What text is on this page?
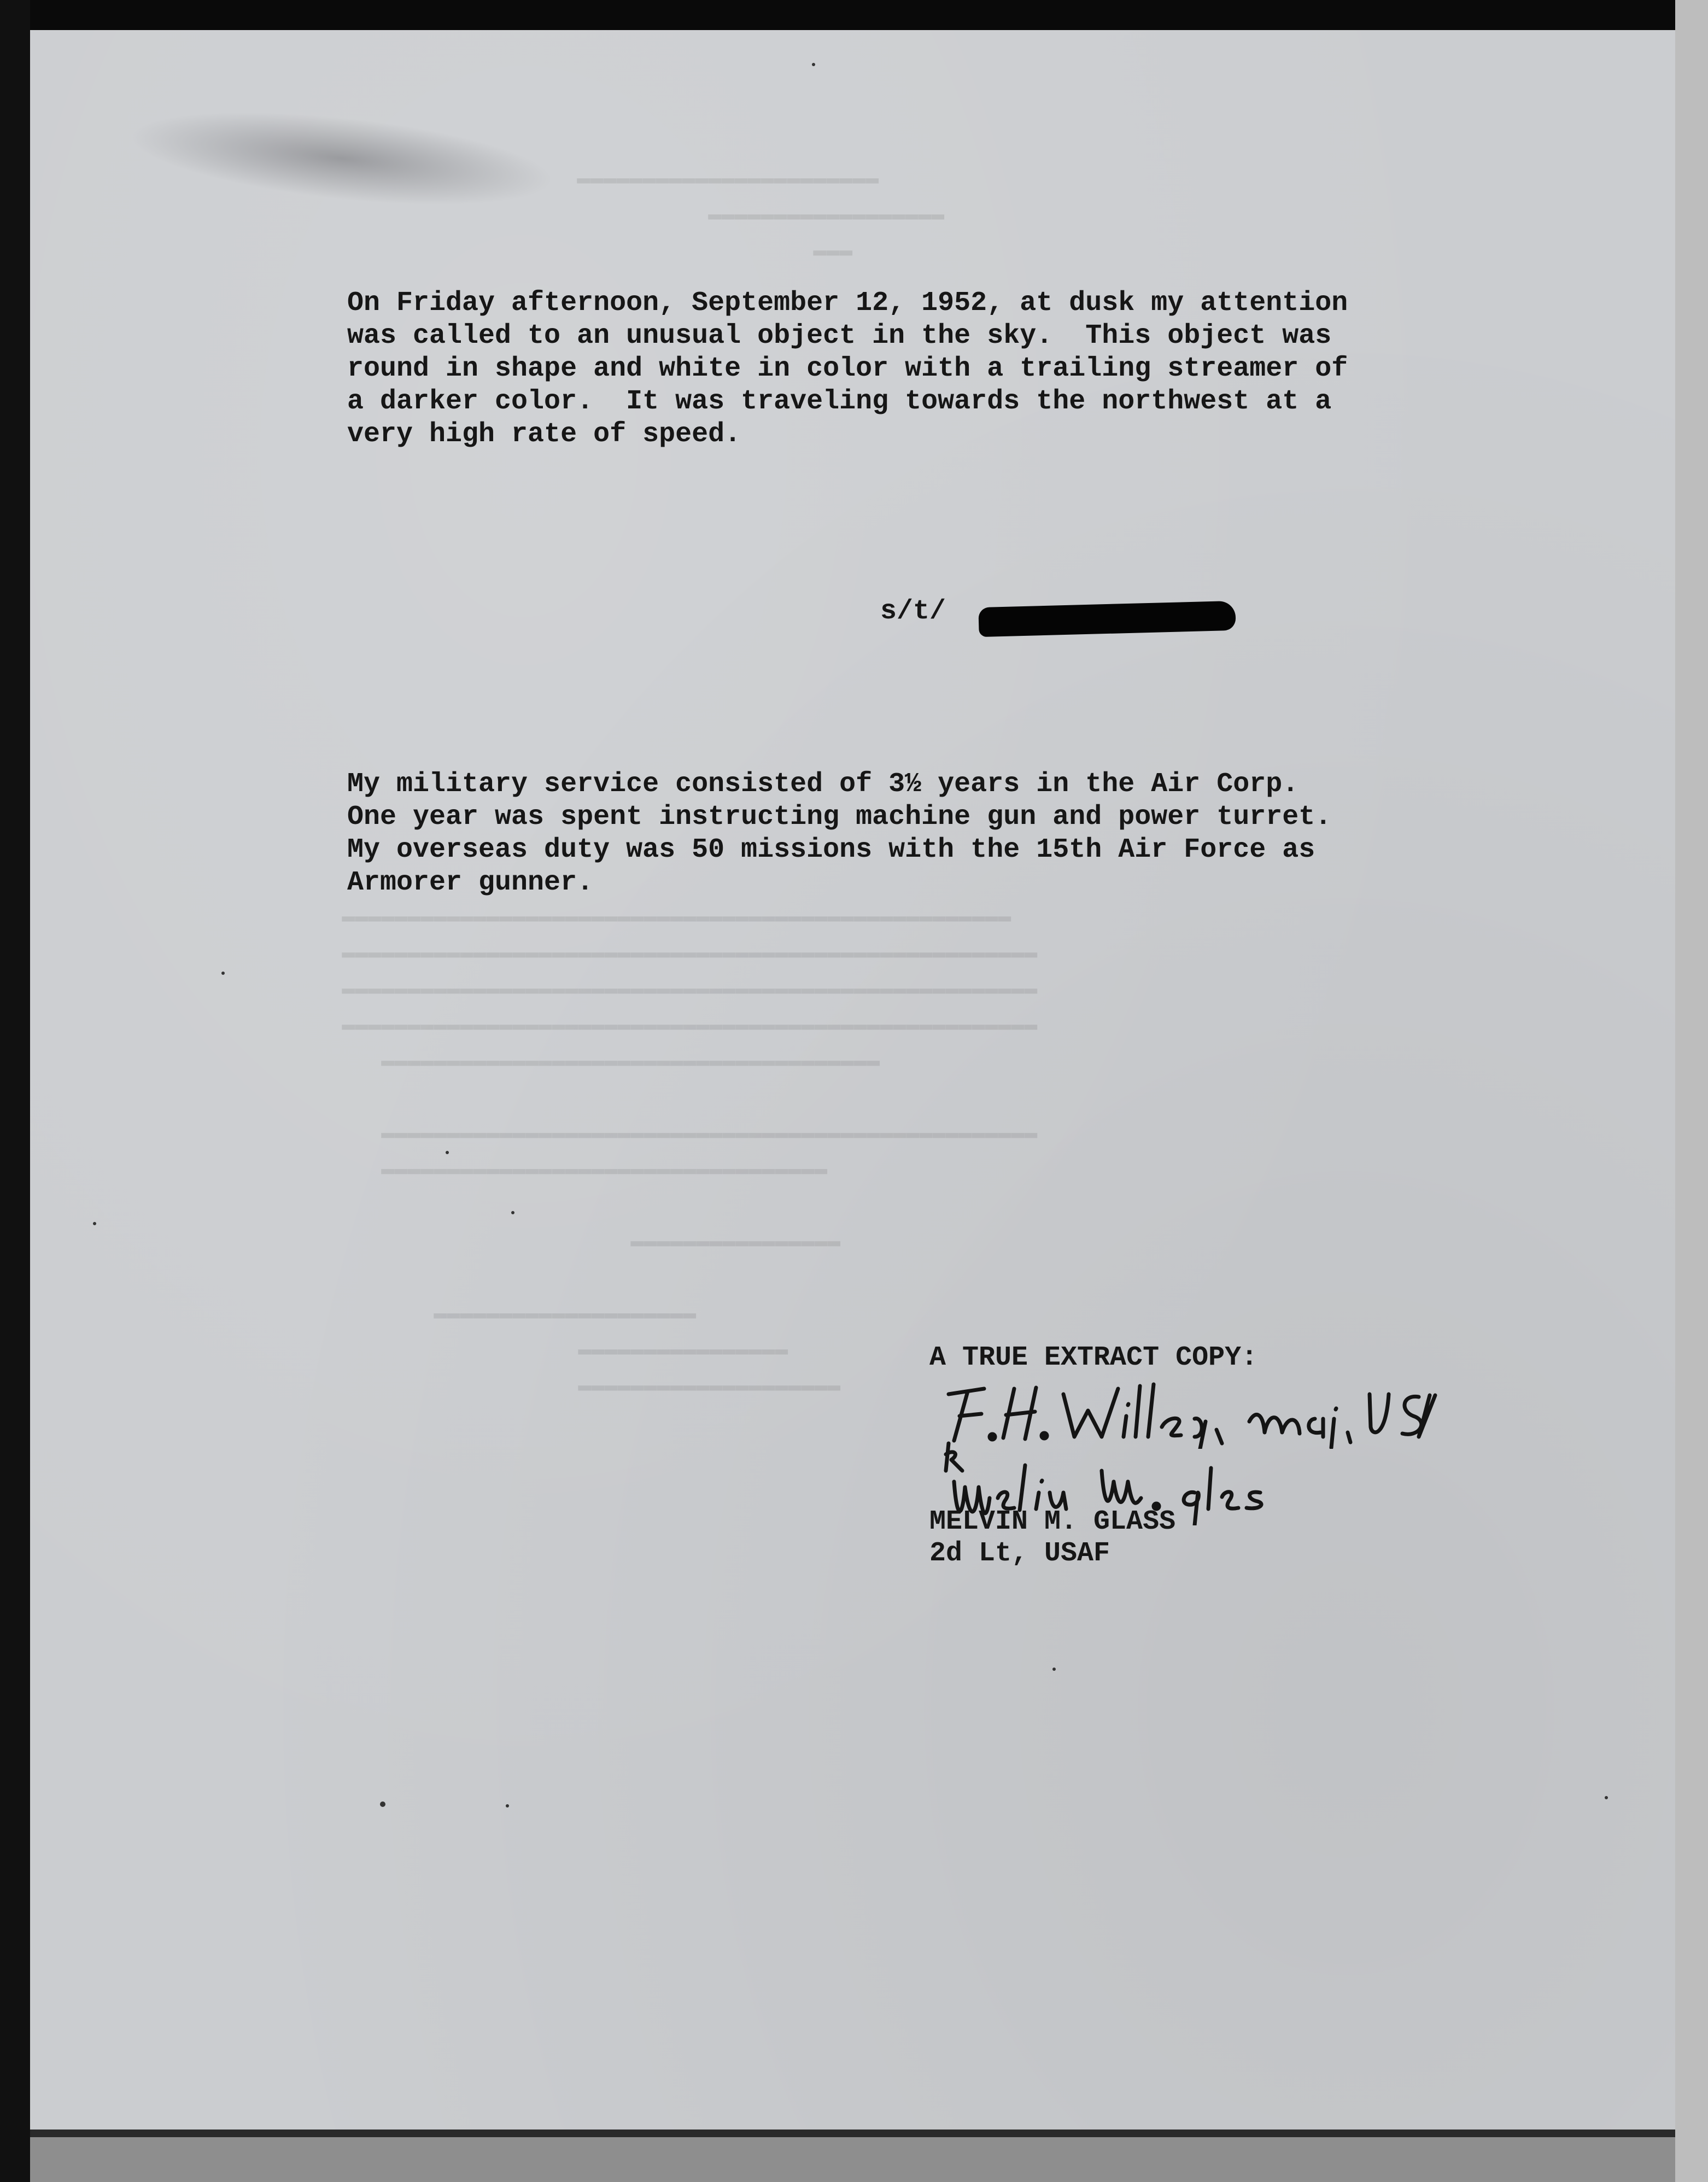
▬▬▬▬▬▬▬▬▬▬▬▬▬▬▬▬▬▬▬▬▬▬▬
▬▬▬▬▬▬▬▬▬▬▬▬▬▬▬▬▬▬
▬▬▬
▬▬▬▬▬▬▬▬▬▬▬▬▬▬▬▬▬▬▬▬▬▬▬▬▬▬▬▬▬▬▬▬▬▬▬▬▬▬▬▬▬▬▬▬▬▬▬▬▬▬▬
▬▬▬▬▬▬▬▬▬▬▬▬▬▬▬▬▬▬▬▬▬▬▬▬▬▬▬▬▬▬▬▬▬▬▬▬▬▬▬▬▬▬▬▬▬▬▬▬▬▬▬▬▬
▬▬▬▬▬▬▬▬▬▬▬▬▬▬▬▬▬▬▬▬▬▬▬▬▬▬▬▬▬▬▬▬▬▬▬▬▬▬▬▬▬▬▬▬▬▬▬▬▬▬▬▬▬
▬▬▬▬▬▬▬▬▬▬▬▬▬▬▬▬▬▬▬▬▬▬▬▬▬▬▬▬▬▬▬▬▬▬▬▬▬▬▬▬▬▬▬▬▬▬▬▬▬▬▬▬▬
▬▬▬▬▬▬▬▬▬▬▬▬▬▬▬▬▬▬▬▬▬▬▬▬▬▬▬▬▬▬▬▬▬▬▬▬▬▬

▬▬▬▬▬▬▬▬▬▬▬▬▬▬▬▬▬▬▬▬▬▬▬▬▬▬▬▬▬▬▬▬▬▬▬▬▬▬▬▬▬▬▬▬▬▬▬▬▬▬
▬▬▬▬▬▬▬▬▬▬▬▬▬▬▬▬▬▬▬▬▬▬▬▬▬▬▬▬▬▬▬▬▬▬

▬▬▬▬▬▬▬▬▬▬▬▬▬▬▬▬

▬▬▬▬▬▬▬▬▬▬▬▬▬▬▬▬▬▬▬▬
▬▬▬▬▬▬▬▬▬▬▬▬▬▬▬▬
▬▬▬▬▬▬▬▬▬▬▬▬▬▬▬▬▬▬▬▬
On Friday afternoon, September 12, 1952, at dusk my attention
was called to an unusual object in the sky.  This object was
round in shape and white in color with a trailing streamer of
a darker color.  It was traveling towards the northwest at a
very high rate of speed.
s/t/
My military service consisted of 3½ years in the Air Corp.
One year was spent instructing machine gun and power turret.
My overseas duty was 50 missions with the 15th Air Force as
Armorer gunner.
A TRUE EXTRACT COPY:
MELVIN M. GLASS
2d Lt, USAF
